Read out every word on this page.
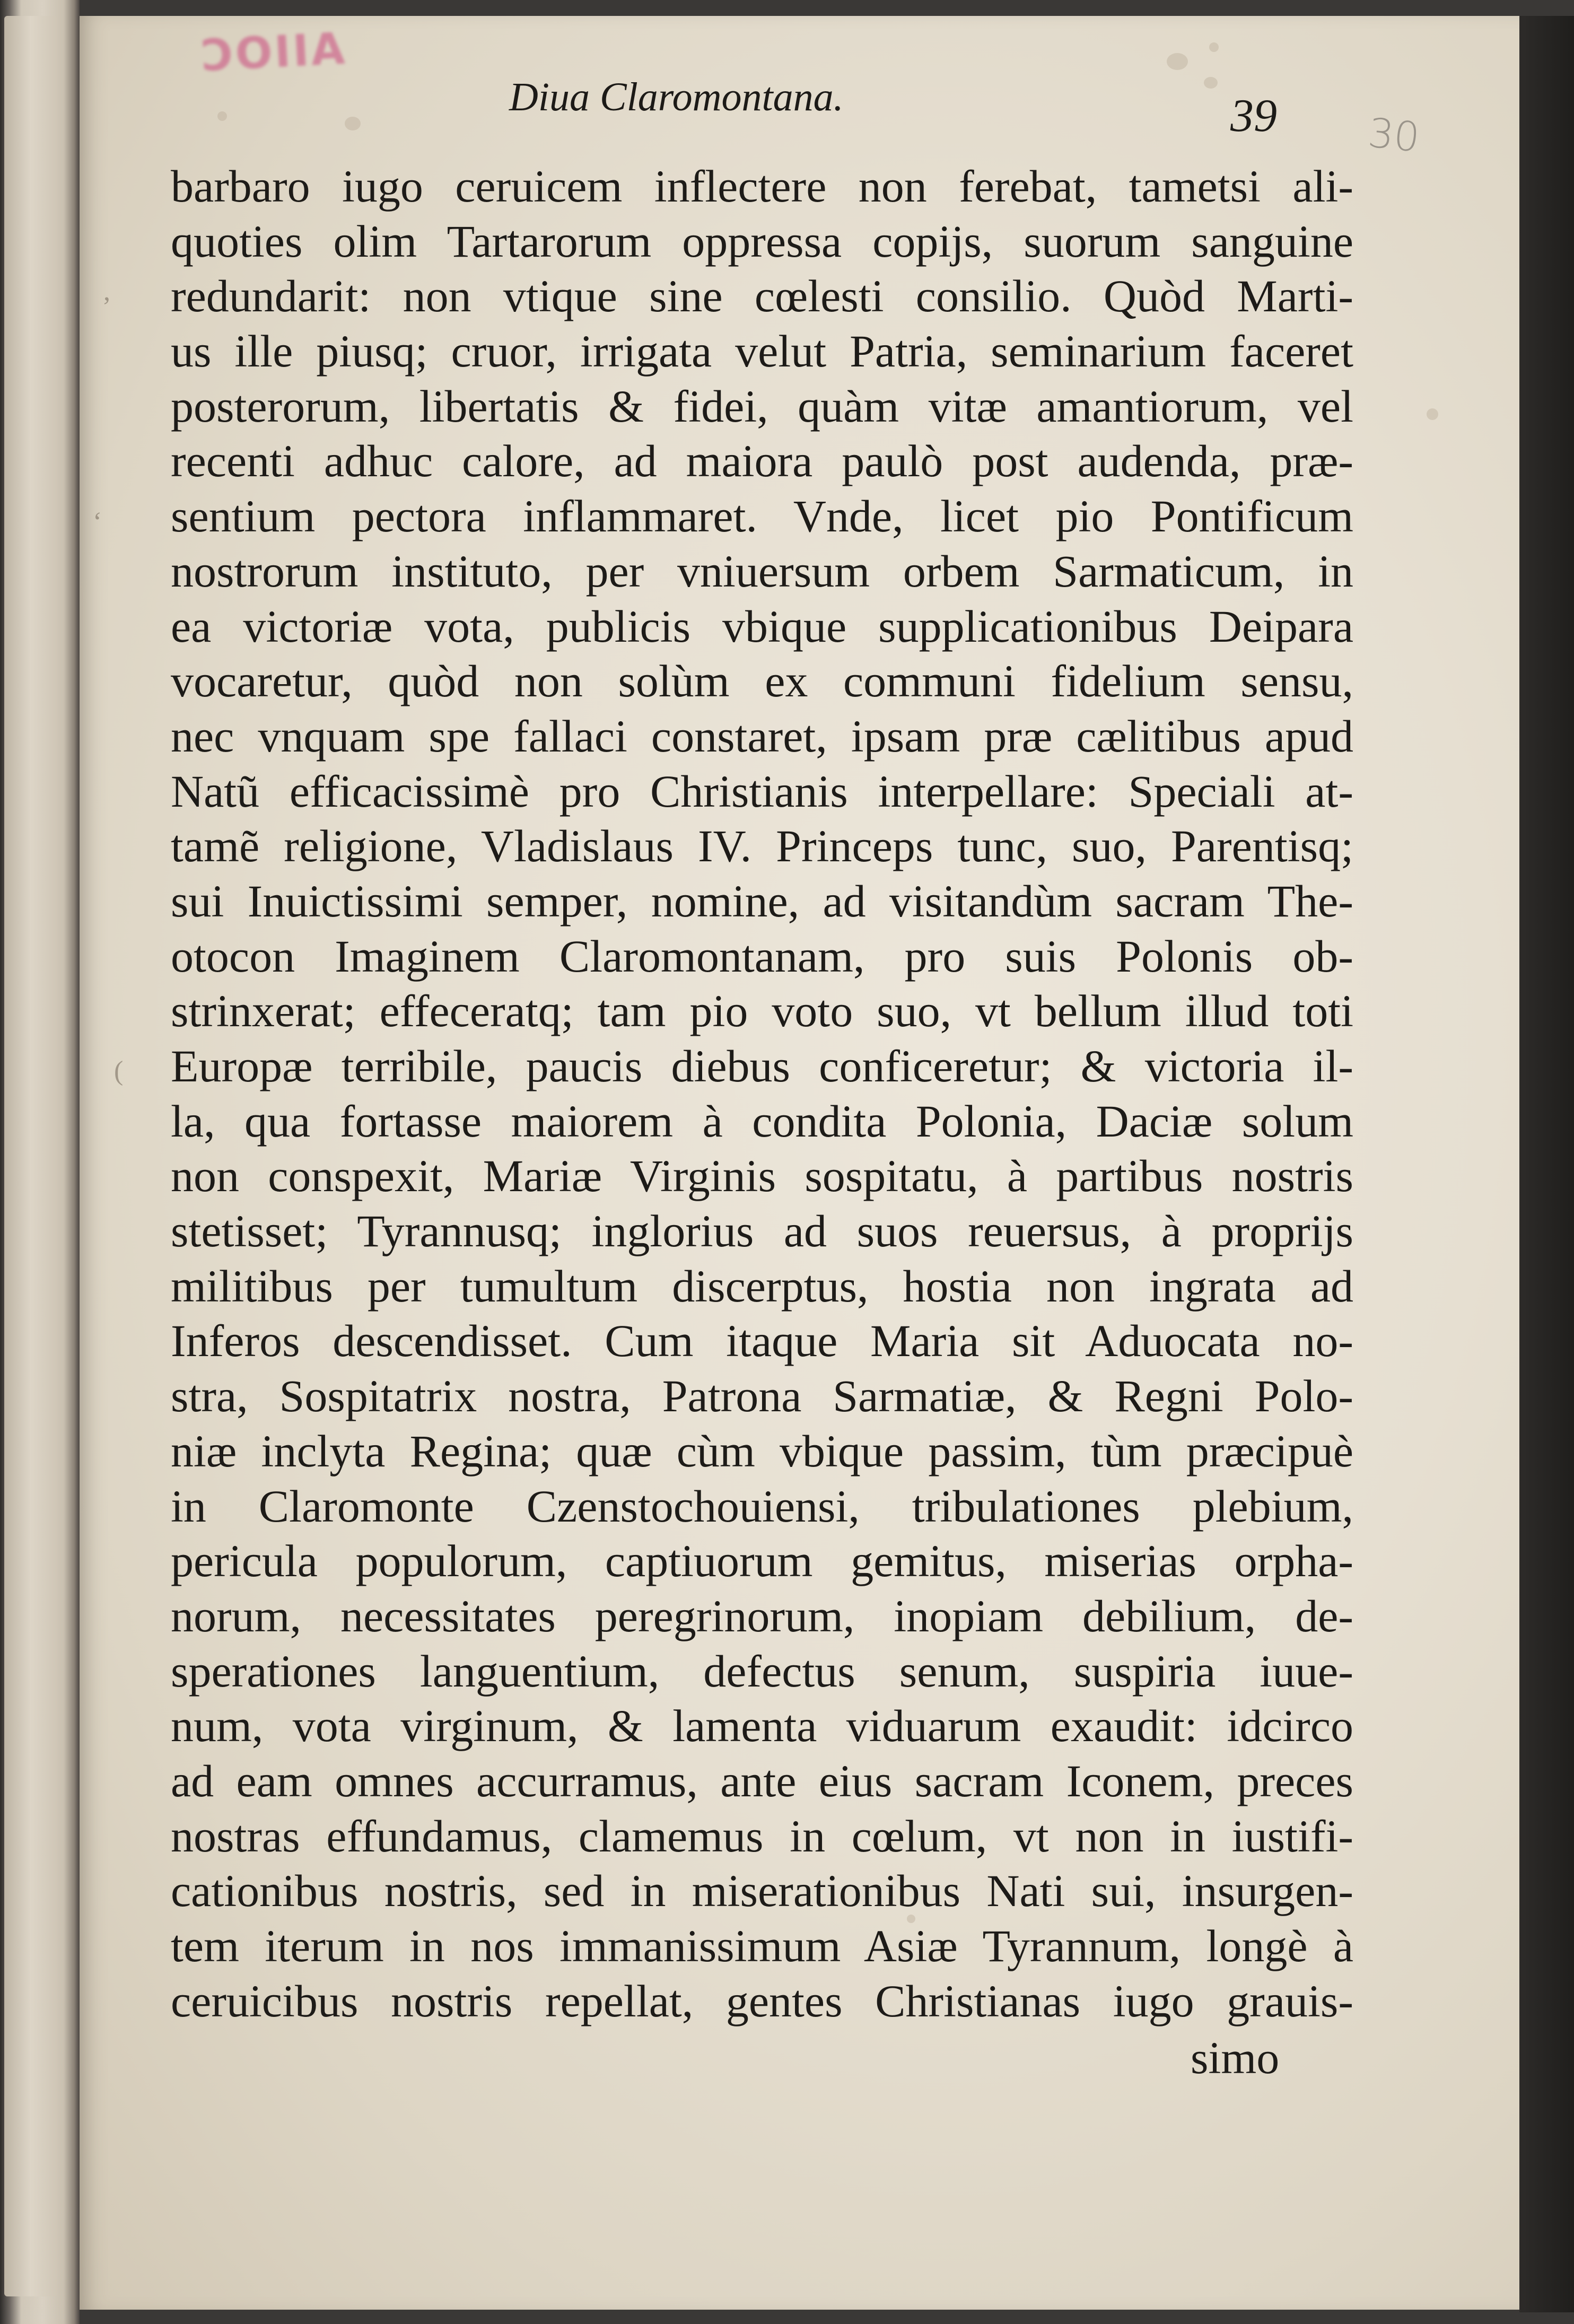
ƆOIIA
Diua Claromontana.	39 30
,
‘
(
barbaro iugo ceruicem inflectere non ferebat, tametsi ali-
quoties olim Tartarorum oppressa copijs, suorum sanguine
redundarit: non vtique sine cœlesti consilio. Quòd Marti-
us ille piusq; cruor, irrigata velut Patria, seminarium faceret
posterorum, libertatis & fidei, quàm vitæ amantiorum, vel
recenti adhuc calore, ad maiora paulò post audenda, præ-
sentium pectora inflammaret. Vnde, licet pio Pontificum
nostrorum instituto, per vniuersum orbem Sarmaticum, in
ea victoriæ vota, publicis vbique supplicationibus Deipara
vocaretur, quòd non solùm ex communi fidelium sensu,
nec vnquam spe fallaci constaret, ipsam præ cælitibus apud
Natũ efficacissimè pro Christianis interpellare: Speciali at-
tamẽ religione, Vladislaus IV. Princeps tunc, suo, Parentisq;
sui Inuictissimi semper, nomine, ad visitandùm sacram The-
otocon Imaginem Claromontanam, pro suis Polonis ob-
strinxerat; effeceratq; tam pio voto suo, vt bellum illud toti
Europæ terribile, paucis diebus conficeretur; & victoria il-
la, qua fortasse maiorem à condita Polonia, Daciæ solum
non conspexit, Mariæ Virginis sospitatu, à partibus nostris
stetisset; Tyrannusq; inglorius ad suos reuersus, à proprijs
militibus per tumultum discerptus, hostia non ingrata ad
Inferos descendisset. Cum itaque Maria sit Aduocata no-
stra, Sospitatrix nostra, Patrona Sarmatiæ, & Regni Polo-
niæ inclyta Regina; quæ cùm vbique passim, tùm præcipuè
in Claromonte Czenstochouiensi, tribulationes plebium,
pericula populorum, captiuorum gemitus, miserias orpha-
norum, necessitates peregrinorum, inopiam debilium, de-
sperationes languentium, defectus senum, suspiria iuue-
num, vota virginum, & lamenta viduarum exaudit: idcirco
ad eam omnes accurramus, ante eius sacram Iconem, preces
nostras effundamus, clamemus in cœlum, vt non in iustifi-
cationibus nostris, sed in miserationibus Nati sui, insurgen-
tem iterum in nos immanissimum Asiæ Tyrannum, longè à
ceruicibus nostris repellat, gentes Christianas iugo grauis-
simo
